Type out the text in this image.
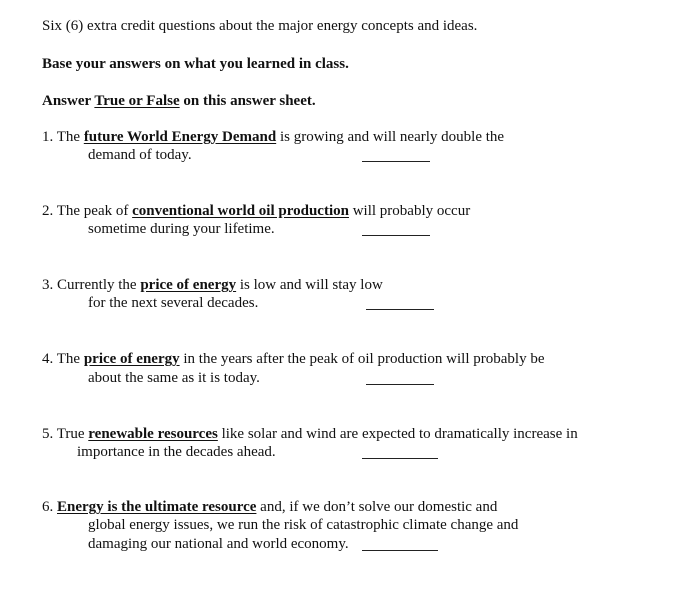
Six (6) extra credit questions about the major energy concepts and ideas.
Base your answers on what you learned in class.
Answer True or False on this answer sheet.
1. The future World Energy Demand is growing and will nearly double the
demand of today.
2. The peak of conventional world oil production will probably occur
sometime during your lifetime.
3. Currently the price of energy is low and will stay low
for the next several decades.
4. The price of energy in the years after the peak of oil production will probably be
about the same as it is today.
5. True renewable resources like solar and wind are expected to dramatically increase in
importance in the decades ahead.
6. Energy is the ultimate resource and, if we don’t solve our domestic and
global energy issues, we run the risk of catastrophic climate change and
damaging our national and world economy.
